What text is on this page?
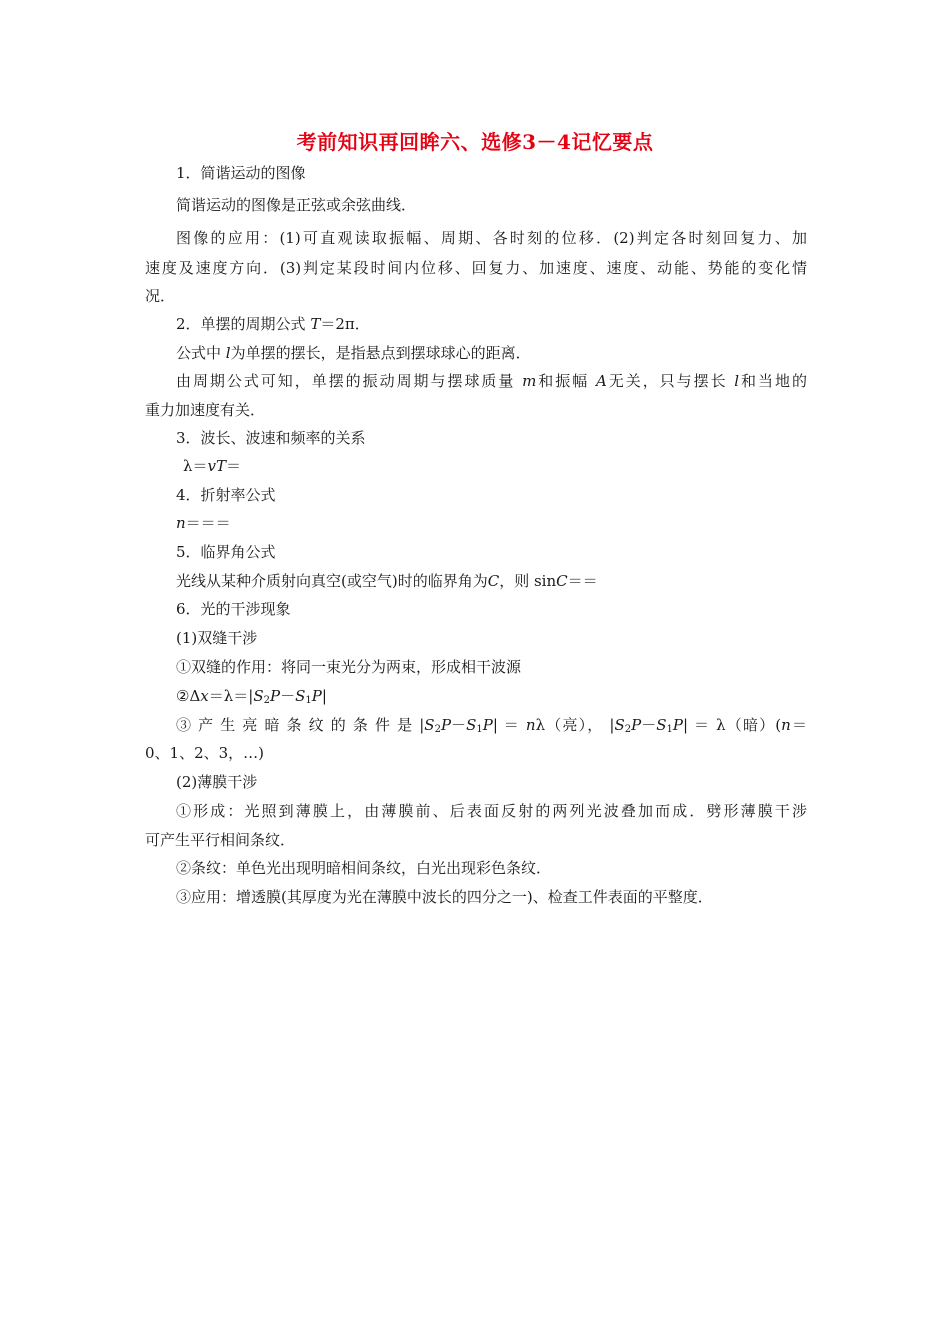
考前知识再回眸六、选修3－4记忆要点
1．简谐运动的图像
简谐运动的图像是正弦或余弦曲线．
图像的应用：(1)可直观读取振幅、周期、各时刻的位移．(2)判定各时刻回复力、加
速度及速度方向．(3)判定某段时间内位移、回复力、加速度、速度、动能、势能的变化情
况．
2．单摆的周期公式 T＝2π．
公式中 l为单摆的摆长，是指悬点到摆球球心的距离．
由周期公式可知，单摆的振动周期与摆球质量 m和振幅 A无关，只与摆长 l和当地的
重力加速度有关．
3．波长、波速和频率的关系
λ＝vT＝
4．折射率公式
n＝＝＝
5．临界角公式
光线从某种介质射向真空(或空气)时的临界角为C，则 sinC＝＝
6．光的干涉现象
(1)双缝干涉
①双缝的作用：将同一束光分为两束，形成相干波源
$②\Delta x=\lambda=|S_2P-S_1P|$
③ 产 生 亮 暗 条 纹 的 条 件 是 $|S_2P-S_1P| = n\lambda$（亮）， $|S_2P-S_1P| = \lambda$（暗）(n＝
0、1、2、3，…)
(2)薄膜干涉
①形成：光照到薄膜上，由薄膜前、后表面反射的两列光波叠加而成．劈形薄膜干涉
可产生平行相间条纹．
②条纹：单色光出现明暗相间条纹，白光出现彩色条纹．
③应用：增透膜(其厚度为光在薄膜中波长的四分之一)、检查工件表面的平整度．
